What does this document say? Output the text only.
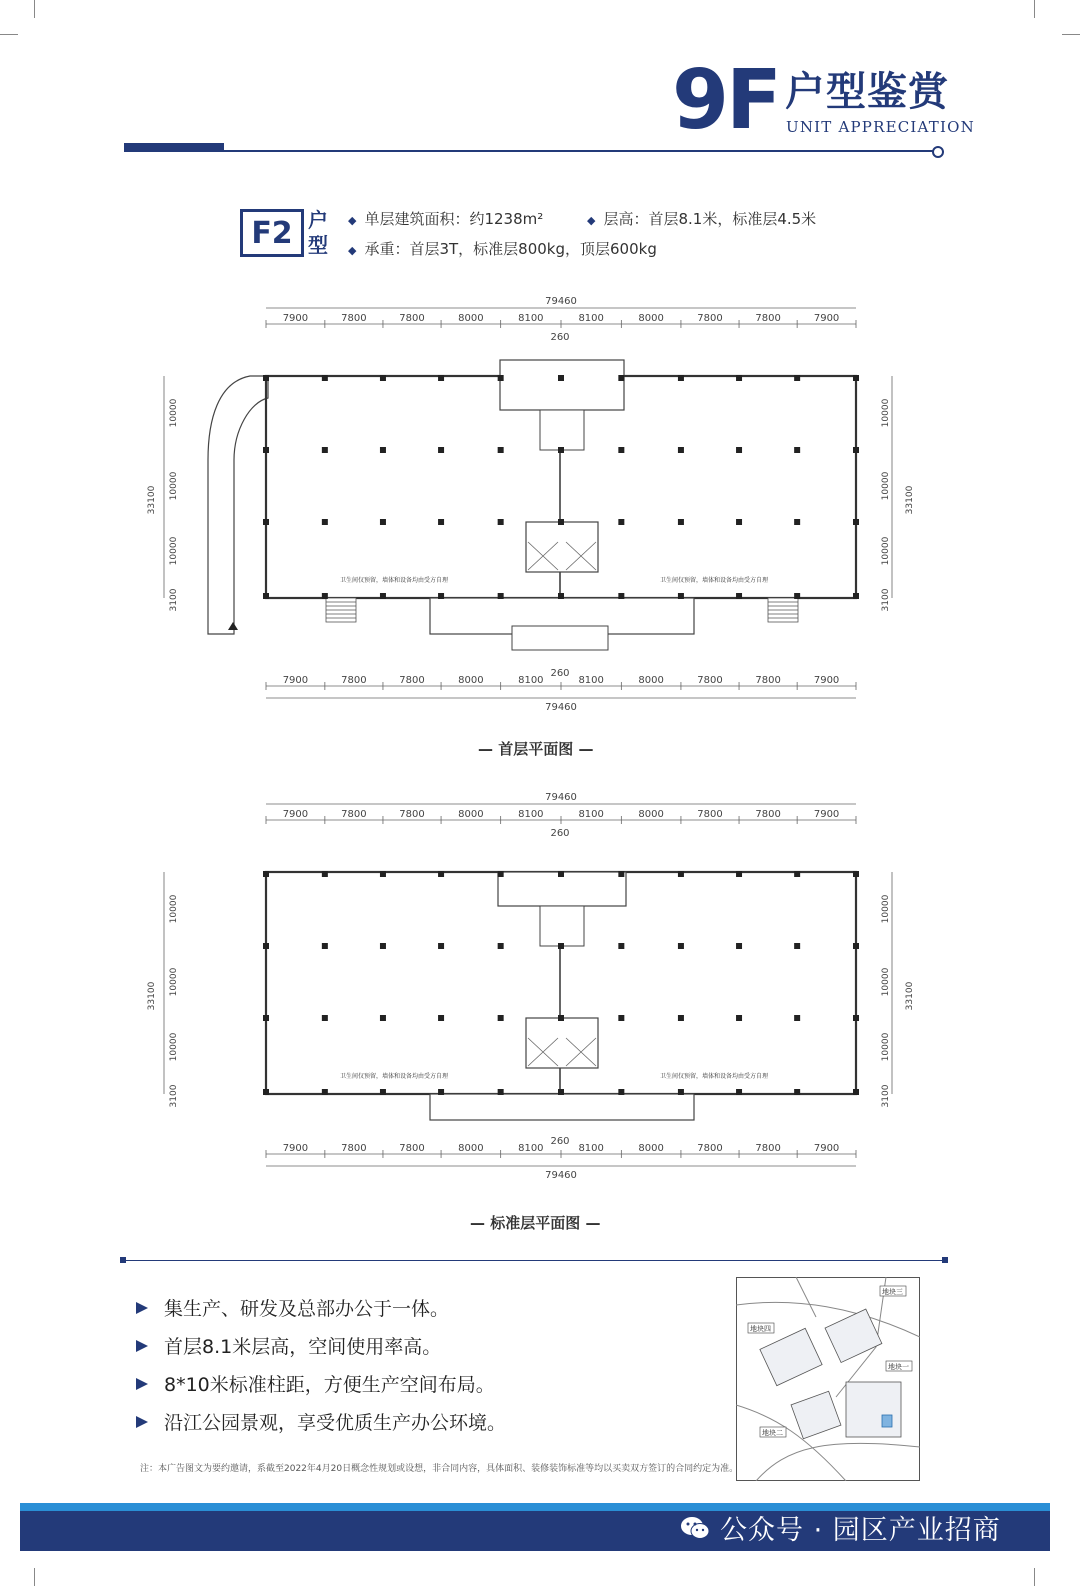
9F 户型鉴赏
UNIT APPRECIATION
F2 户型
◆ 单层建筑面积：约1238m²	◆ 层高：首层8.1米，标准层4.5米
◆ 承重：首层3T，标准层800kg，顶层600kg
卫生间仅预留，墙体和设备均由受方自理	卫生间仅预留，墙体和设备均由受方自理
7900	7800	7800	8000	8100	8100	8000	7800	7800	7900
79460
260
7900	7800	7800	8000	8100	8100	8000	7800	7800	7900
79460
260
10000
10000
10000
3100
33100
10000
10000
10000
3100
33100
— 首层平面图 —
卫生间仅预留，墙体和设备均由受方自理	卫生间仅预留，墙体和设备均由受方自理
7900	7800	7800	8000	8100	8100	8000	7800	7800	7900
79460
260
7900	7800	7800	8000	8100	8100	8000	7800	7800	7900
79460
260
10000
10000
10000
3100
33100
10000
10000
10000
3100
33100
— 标准层平面图 —
集生产、研发及总部办公于一体。
首层8.1米层高，空间使用率高。
8*10米标准柱距，方便生产空间布局。
沿江公园景观，享受优质生产办公环境。
地块三
地块四
地块一
地块二
注：本广告图文为要约邀请，系截至2022年4月20日概念性规划或设想，非合同内容，具体面积、装修装饰标准等均以买卖双方签订的合同约定为准。
公众号 · 园区产业招商
